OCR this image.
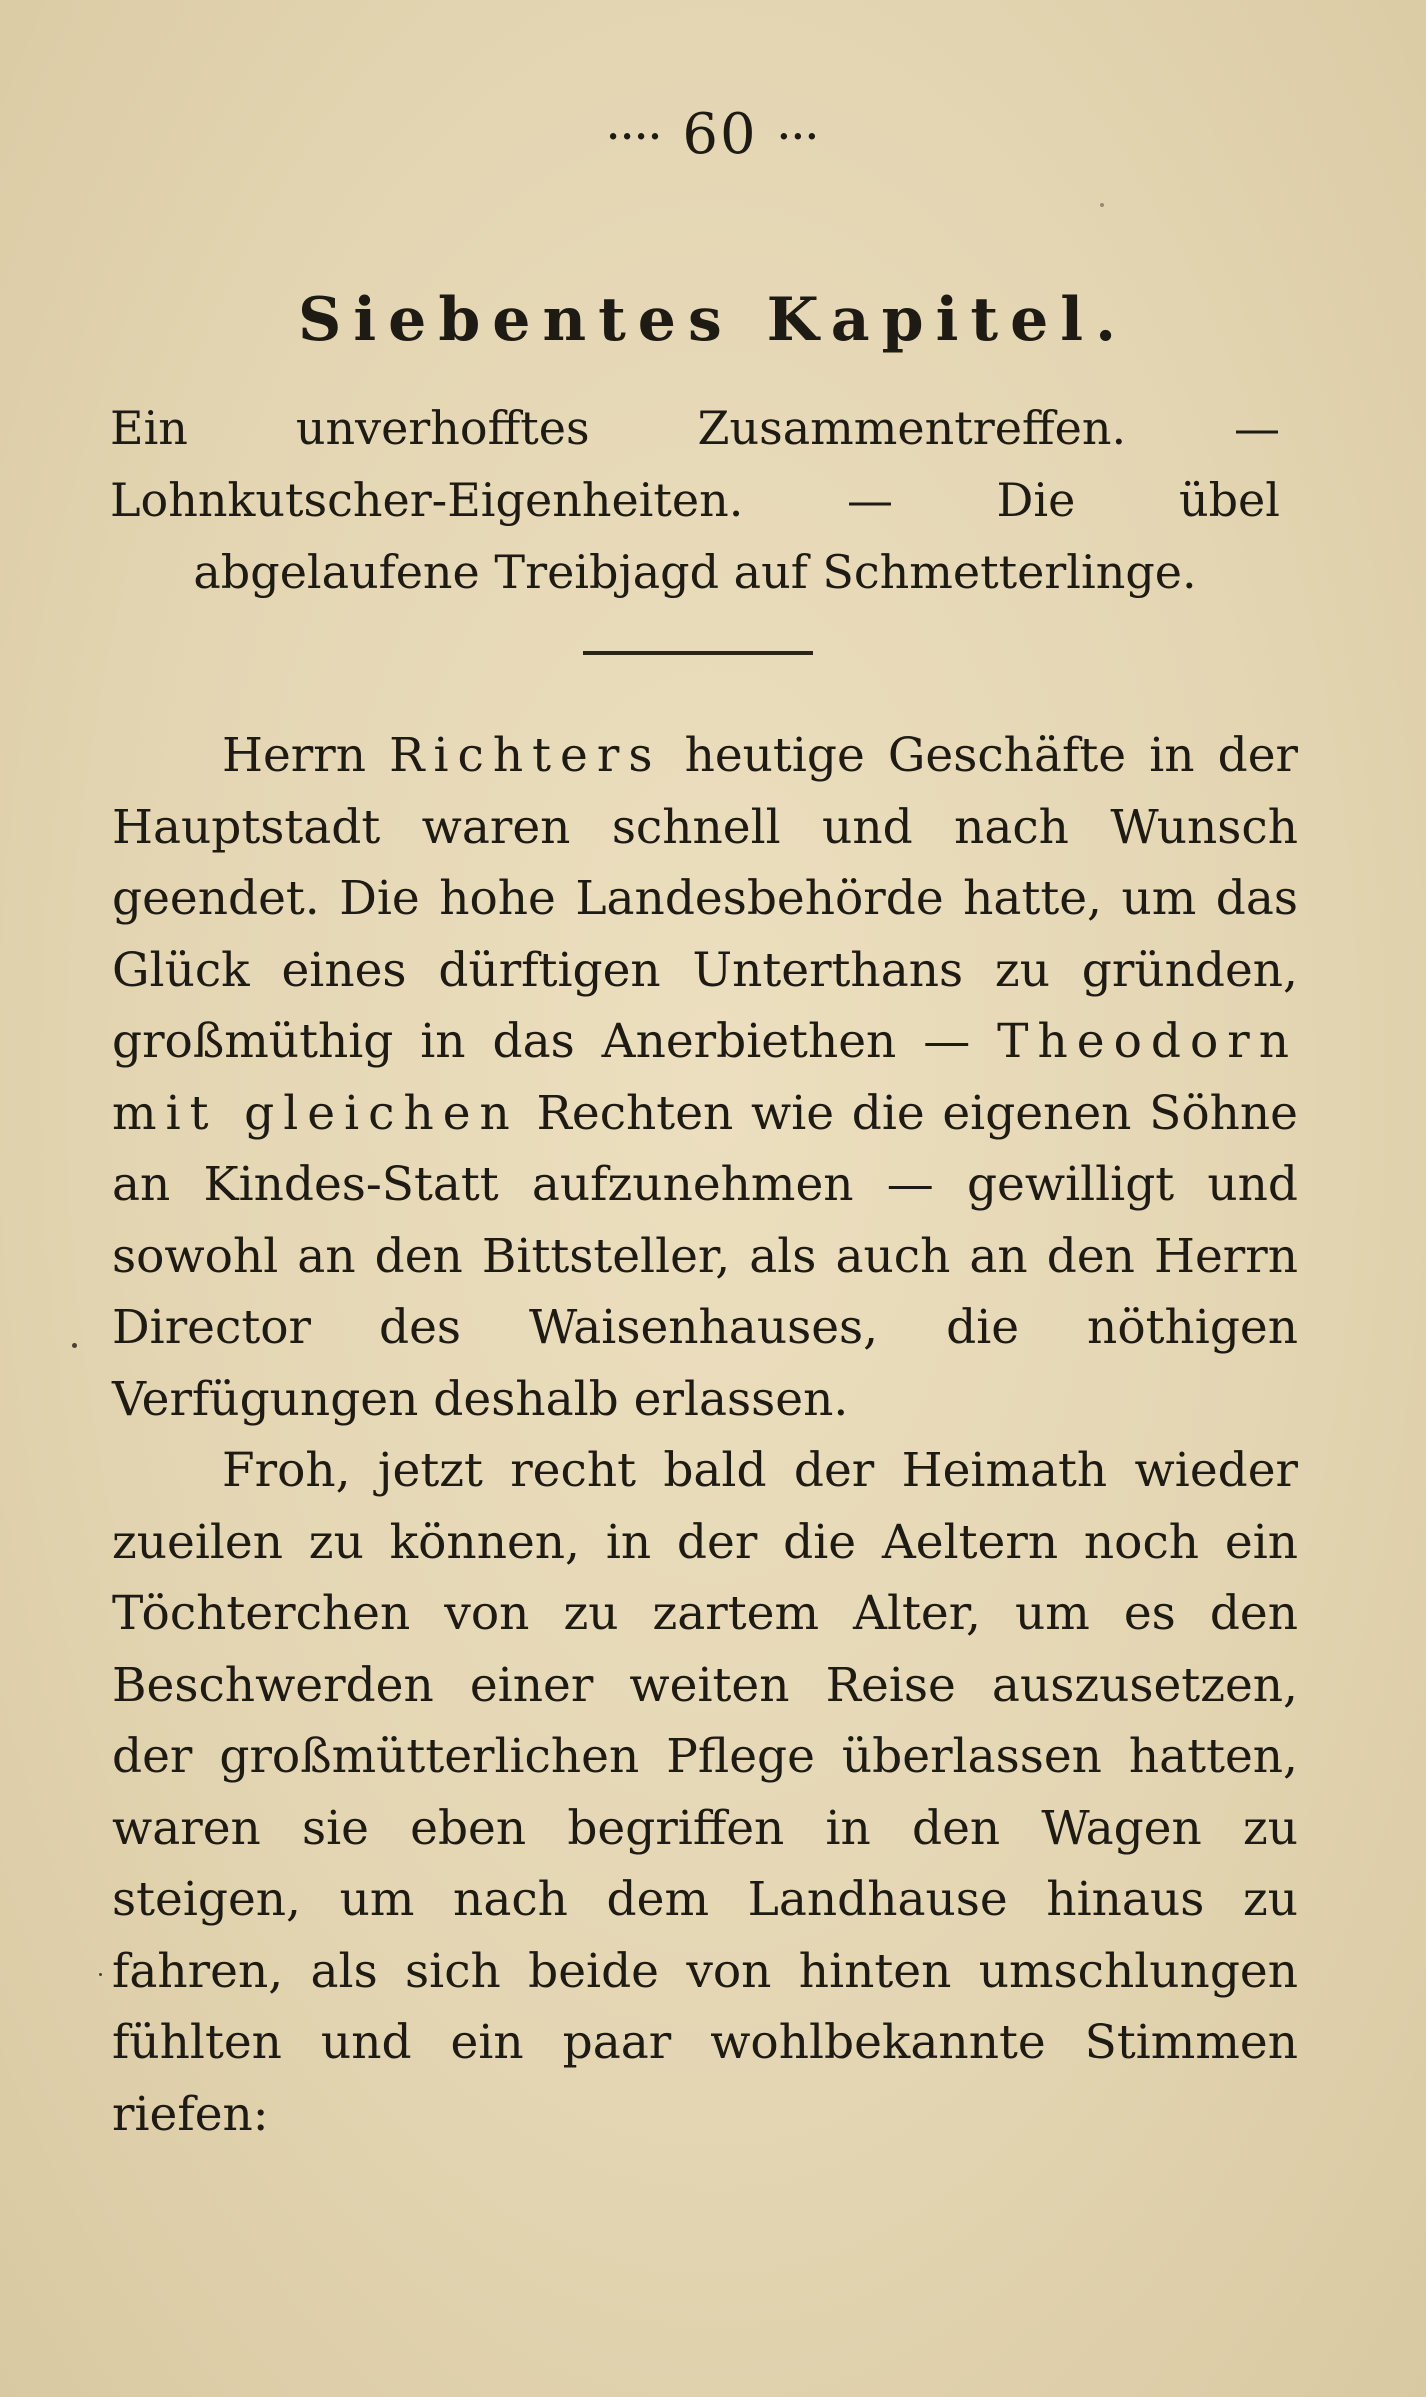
•••• 60 •••
Siebentes Kapitel.
Ein unverhofftes Zusammentreffen. — Lohnkutscher-Eigenheiten. — Die übel abgelaufene Treibjagd auf Schmetterlinge.

Herrn Richters heutige Geschäfte in der Hauptstadt waren schnell und nach Wunsch geendet. Die hohe Landesbehörde hatte, um das Glück eines dürftigen Unterthans zu gründen, großmüthig in das Anerbiethen — Theodorn mit gleichen Rechten wie die eigenen Söhne an Kindes-Statt aufzunehmen — gewilligt und sowohl an den Bittsteller, als auch an den Herrn Director des Waisenhauses, die nöthigen Verfügungen deshalb erlassen.

Froh, jetzt recht bald der Heimath wieder zueilen zu können, in der die Aeltern noch ein Töchterchen von zu zartem Alter, um es den Beschwerden einer weiten Reise auszusetzen, der großmütterlichen Pflege überlassen hatten, waren sie eben begriffen in den Wagen zu steigen, um nach dem Landhause hinaus zu fahren, als sich beide von hinten umschlungen fühlten und ein paar wohlbekannte Stimmen riefen:
